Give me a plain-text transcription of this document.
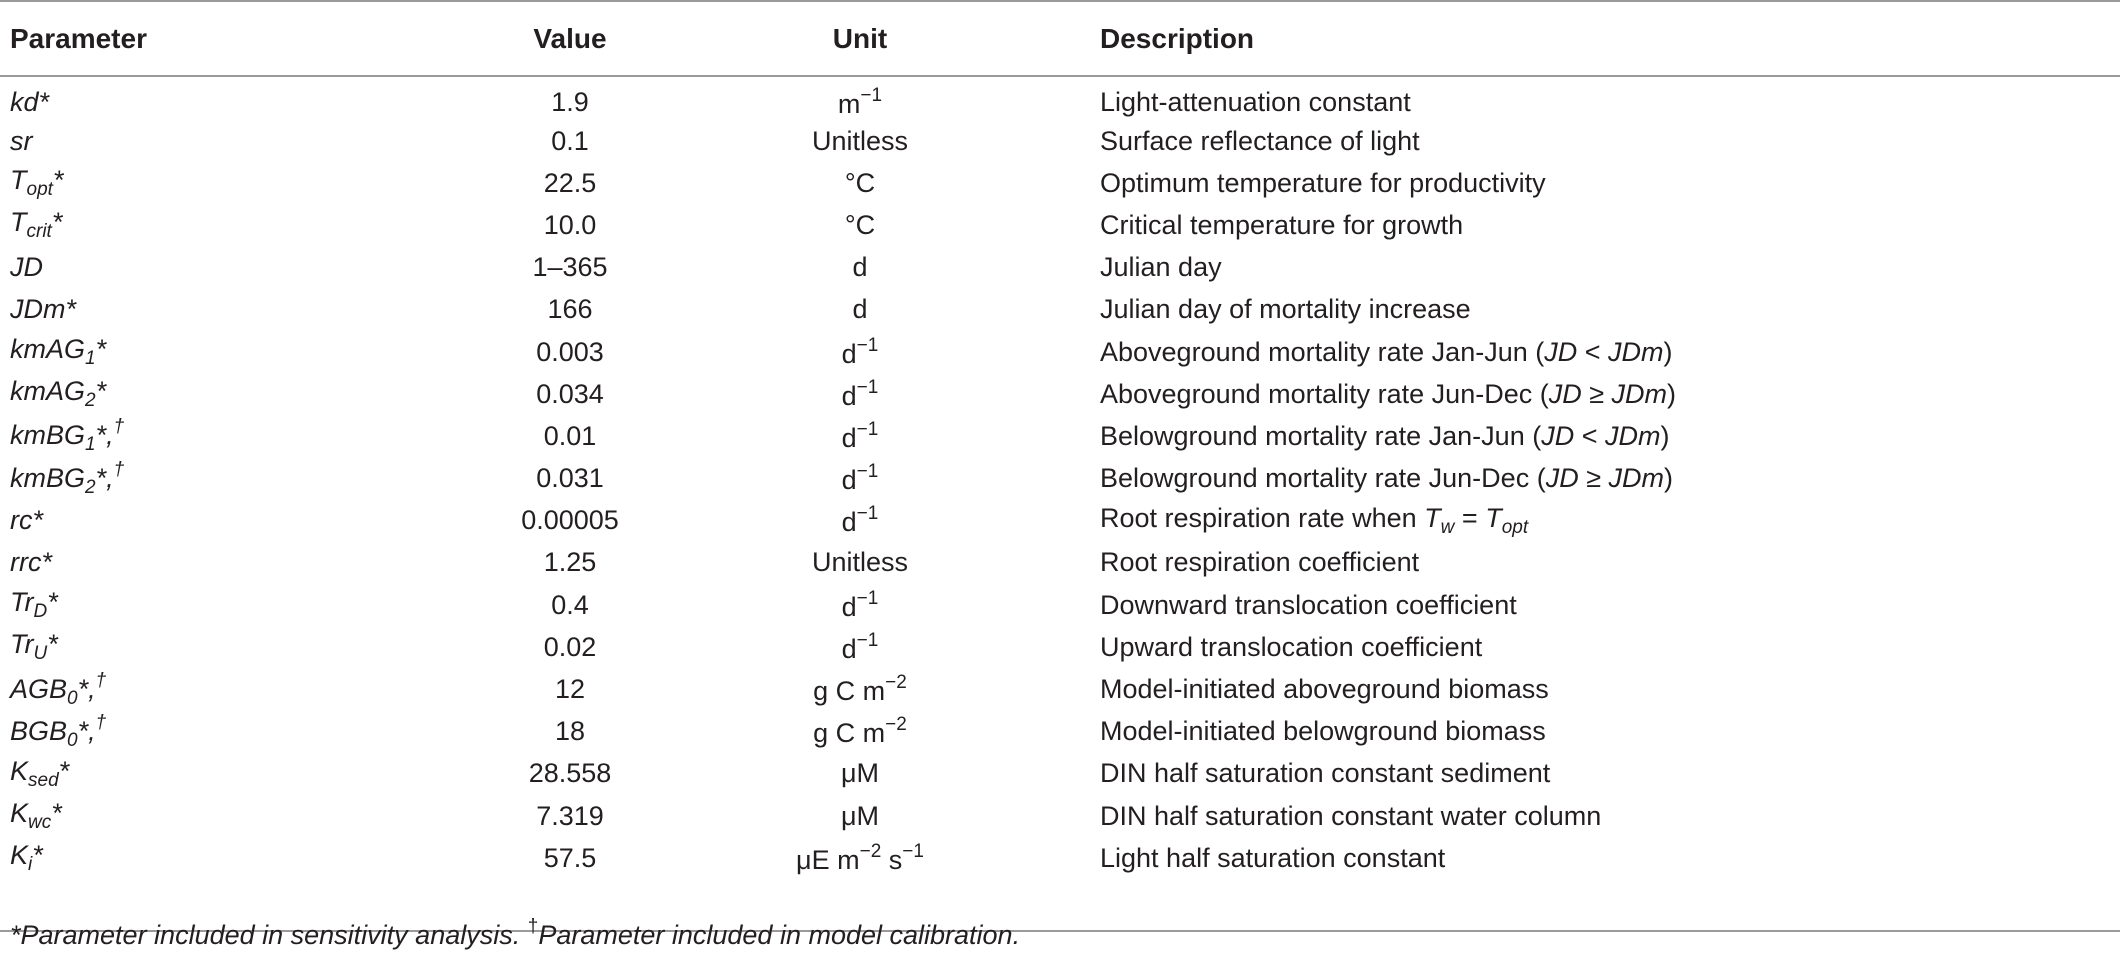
Parameter	Value	Unit	Description
kd*	1.9	$m^{-1}$	Light-attenuation constant
sr	0.1	Unitless	Surface reflectance of light
$T_{opt}*$	22.5	°C	Optimum temperature for productivity
$T_{crit}*$	10.0	°C	Critical temperature for growth
JD	1–365	d	Julian day
JDm*	166	d	Julian day of mortality increase
kmAG$_1$*	0.003	$d^{-1}$	Aboveground mortality rate Jan-Jun (JD < JDm)
kmAG$_2$*	0.034	$d^{-1}$	Aboveground mortality rate Jun-Dec (JD ≥ JDm)
kmBG$_1$*,†	0.01	$d^{-1}$	Belowground mortality rate Jan-Jun (JD < JDm)
kmBG$_2$*,†	0.031	$d^{-1}$	Belowground mortality rate Jun-Dec (JD ≥ JDm)
rc*	0.00005	$d^{-1}$	Root respiration rate when $T_w = T_{opt}$
rrc*	1.25	Unitless	Root respiration coefficient
$Tr_D*$	0.4	$d^{-1}$	Downward translocation coefficient
$Tr_U*$	0.02	$d^{-1}$	Upward translocation coefficient
$AGB_0*,^\dagger$	12	g C $m^{-2}$	Model-initiated aboveground biomass
$BGB_0*,^\dagger$	18	g C $m^{-2}$	Model-initiated belowground biomass
$K_{sed}*$	28.558	μM	DIN half saturation constant sediment
$K_{wc}*$	7.319	μM	DIN half saturation constant water column
$K_i*$	57.5	μE $m^{-2}$ $s^{-1}$	Light half saturation constant

*Parameter included in sensitivity analysis. †Parameter included in model calibration.
